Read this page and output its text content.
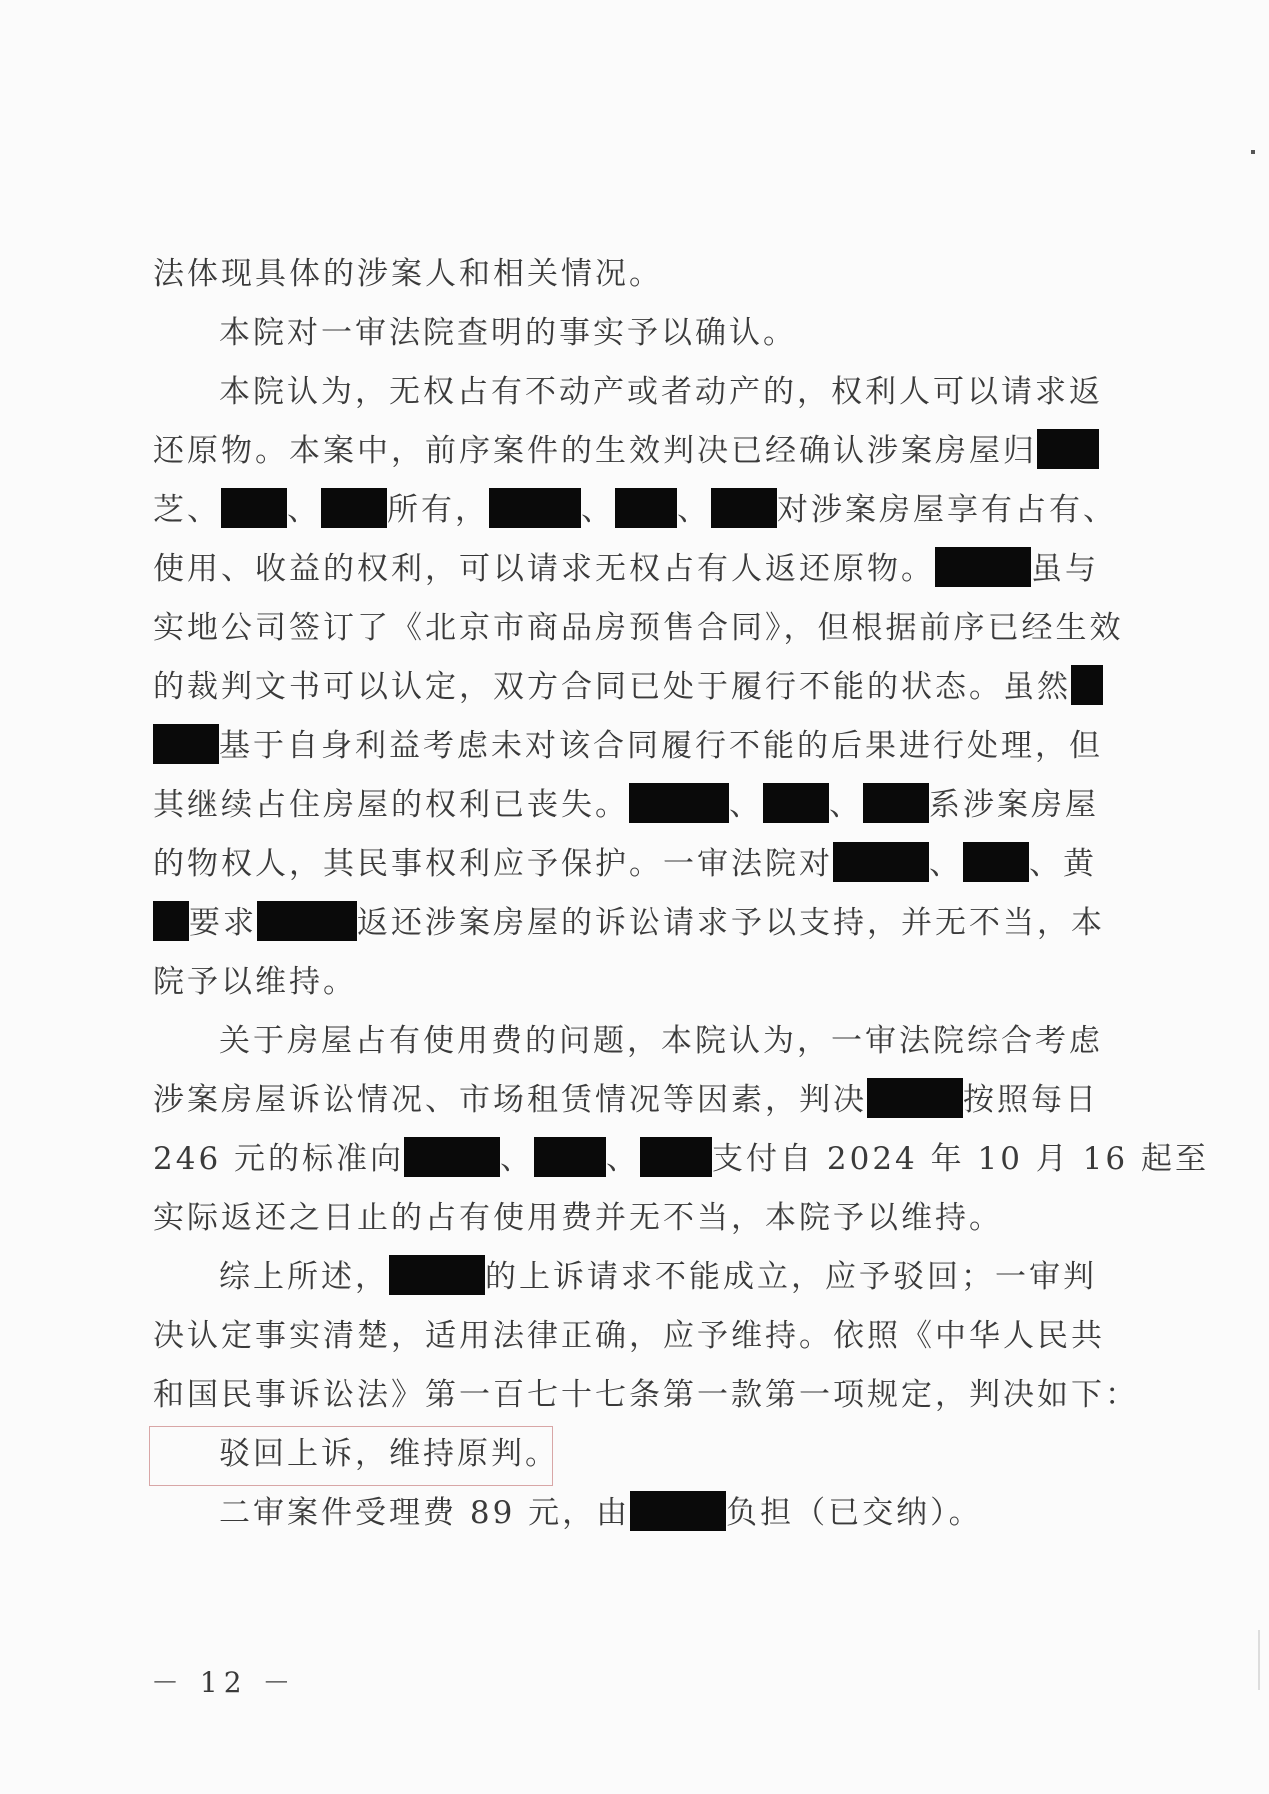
法体现具体的涉案人和相关情况。
本院对一审法院查明的事实予以确认。
本院认为，无权占有不动产或者动产的，权利人可以请求返
还原物。本案中，前序案件的生效判决已经确认涉案房屋归
芝、 、 所有，	、 、 对涉案房屋享有占有、
使用、收益的权利，可以请求无权占有人返还原物。	虽与
实地公司签订了《北京市商品房预售合同》，但根据前序已经生效
的裁判文书可以认定，双方合同已处于履行不能的状态。虽然
基于自身利益考虑未对该合同履行不能的后果进行处理，但
其继续占住房屋的权利已丧失。	、 、 系涉案房屋
的物权人，其民事权利应予保护。一审法院对	、 、黄
要求	返还涉案房屋的诉讼请求予以支持，并无不当，本
院予以维持。
关于房屋占有使用费的问题，本院认为，一审法院综合考虑
涉案房屋诉讼情况、市场租赁情况等因素，判决	按照每日
246 元的标准向	、 、 支付自 2024 年 10 月 16 起至
实际返还之日止的占有使用费并无不当，本院予以维持。
综上所述，	的上诉请求不能成立，应予驳回；一审判
决认定事实清楚，适用法律正确，应予维持。依照《中华人民共
和国民事诉讼法》第一百七十七条第一款第一项规定，判决如下：
驳回上诉，维持原判。
二审案件受理费 89 元，由	负担（已交纳）。
－ 12 －
